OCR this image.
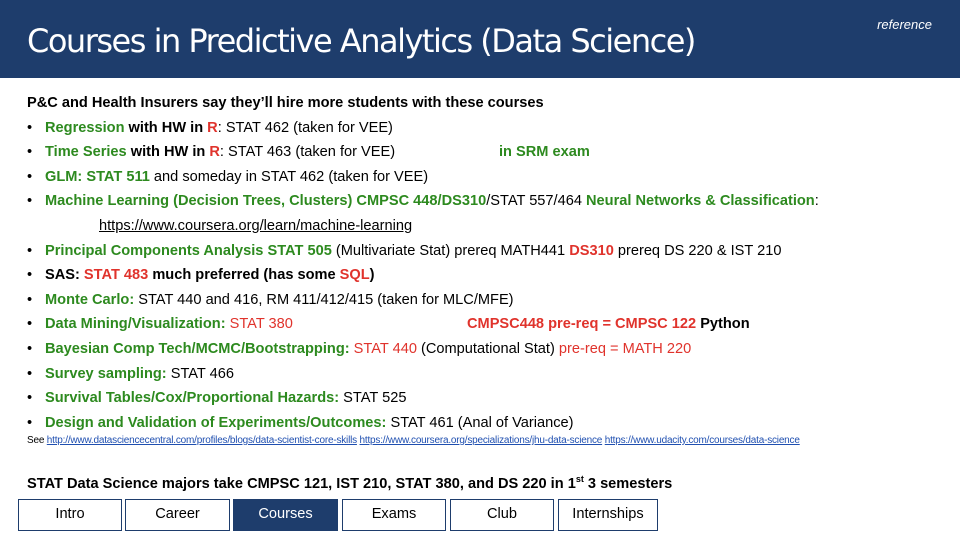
Courses in Predictive Analytics (Data Science)	reference
P&C and Health Insurers say they’ll hire more students with these courses
• Regression with HW in R: STAT 462 (taken for VEE)
• Time Series with HW in R: STAT 463 (taken for VEE)	in SRM exam
• GLM: STAT 511 and someday in STAT 462 (taken for VEE)
• Machine Learning (Decision Trees, Clusters) CMPSC 448/DS310/STAT 557/464 Neural Networks & Classification:
https://www.coursera.org/learn/machine-learning
• Principal Components Analysis STAT 505 (Multivariate Stat) prereq MATH441 DS310 prereq DS 220 & IST 210
• SAS: STAT 483 much preferred (has some SQL)
• Monte Carlo: STAT 440 and 416, RM 411/412/415 (taken for MLC/MFE)
• Data Mining/Visualization: STAT 380	CMPSC448 pre-req = CMPSC 122 Python
• Bayesian Comp Tech/MCMC/Bootstrapping: STAT 440 (Computational Stat) pre-req = MATH 220
• Survey sampling: STAT 466
• Survival Tables/Cox/Proportional Hazards: STAT 525
• Design and Validation of Experiments/Outcomes: STAT 461 (Anal of Variance)
See http://www.datasciencecentral.com/profiles/blogs/data-scientist-core-skills https://www.coursera.org/specializations/jhu-data-science https://www.udacity.com/courses/data-science
STAT Data Science majors take CMPSC 121, IST 210, STAT 380, and DS 220 in 1st 3 semesters
Intro	Career	Courses	Exams	Club	Internships
